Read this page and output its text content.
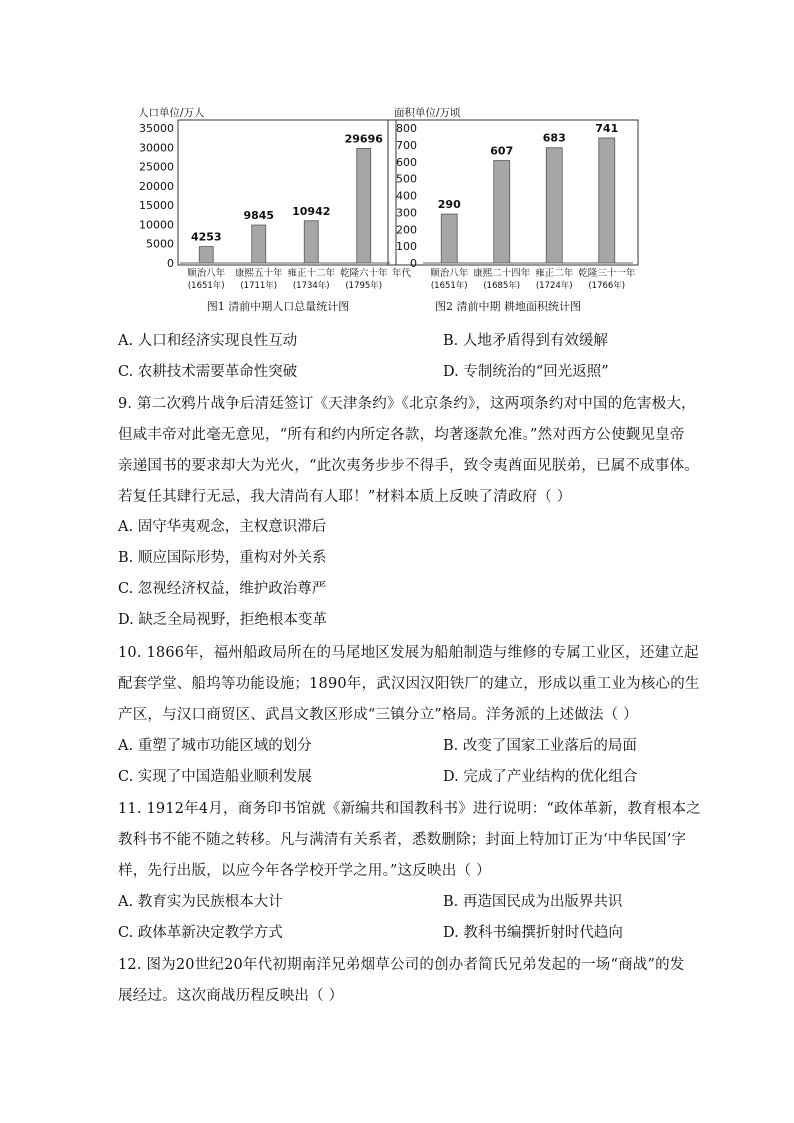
人口单位/万人
35000
30000
25000
20000
15000
10000
5000
0
4253
顺治八年
(1651年)
9845
康熙五十年
(1711年)
10942
雍正十二年
(1734年)
29696
乾隆六十年
(1795年)
年代
图1 清前中期人口总量统计图
面积单位/万顷
800
700
600
500
400
300
200
100
0
290
顺治八年
(1651年)
607
康熙二十四年
(1685年)
683
雍正二年
(1724年)
741
乾隆三十一年
(1766年)
图2 清前中期 耕地面积统计图
A. 人口和经济实现良性互动	B. 人地矛盾得到有效缓解
C. 农耕技术需要革命性突破	D. 专制统治的“回光返照”
9. 第二次鸦片战争后清廷签订《天津条约》《北京条约》，这两项条约对中国的危害极大，
但咸丰帝对此毫无意见，“所有和约内所定各款，均著逐款允准。”然对西方公使觐见皇帝
亲递国书的要求却大为光火，“此次夷务步步不得手，致令夷酋面见朕弟，已属不成事体。
若复任其肆行无忌，我大清尚有人耶！”材料本质上反映了清政府（ ）
A. 固守华夷观念，主权意识滞后
B. 顺应国际形势，重构对外关系
C. 忽视经济权益，维护政治尊严
D. 缺乏全局视野，拒绝根本变革
10. 1866年，福州船政局所在的马尾地区发展为船舶制造与维修的专属工业区，还建立起
配套学堂、船坞等功能设施；1890年，武汉因汉阳铁厂的建立，形成以重工业为核心的生
产区，与汉口商贸区、武昌文教区形成“三镇分立”格局。洋务派的上述做法（ ）
A. 重塑了城市功能区域的划分	B. 改变了国家工业落后的局面
C. 实现了中国造船业顺利发展	D. 完成了产业结构的优化组合
11. 1912年4月，商务印书馆就《新编共和国教科书》进行说明：“政体革新，教育根本之
教科书不能不随之转移。凡与满清有关系者，悉数删除；封面上特加订正为‘中华民国’字
样，先行出版，以应今年各学校开学之用。”这反映出（ ）
A. 教育实为民族根本大计	B. 再造国民成为出版界共识
C. 政体革新决定教学方式	D. 教科书编撰折射时代趋向
12. 图为20世纪20年代初期南洋兄弟烟草公司的创办者简氏兄弟发起的一场“商战”的发
展经过。这次商战历程反映出（ ）
